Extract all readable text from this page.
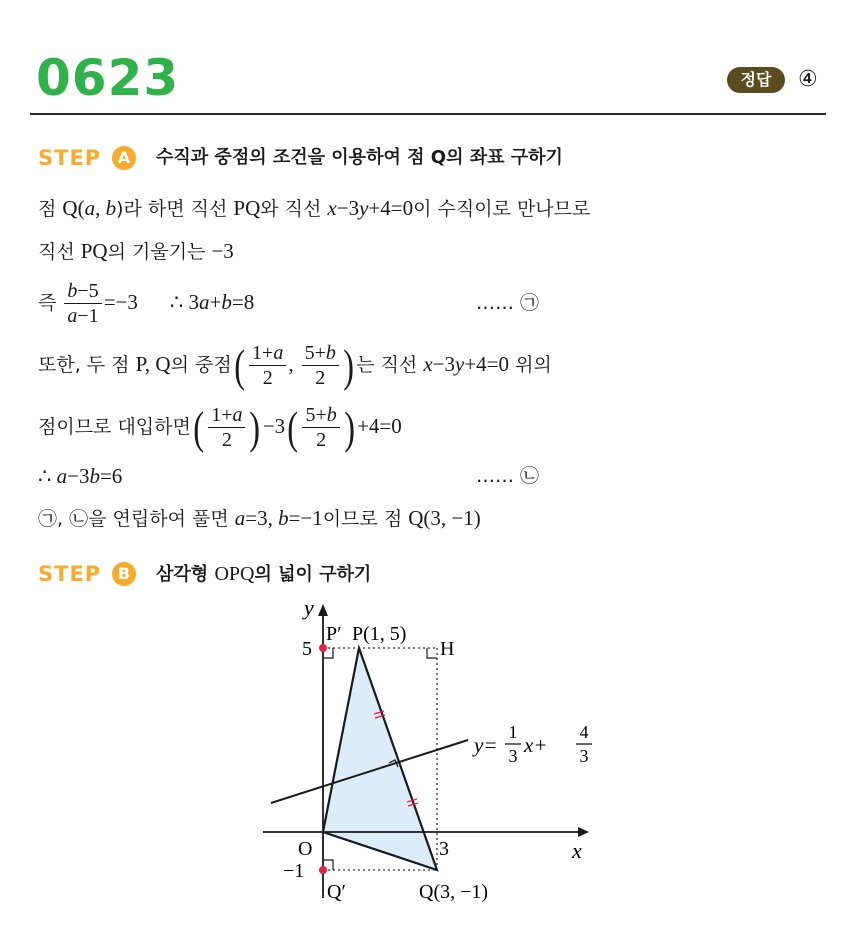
0623	정답	④
STEP	A	수직과 중점의 조건을 이용하여 점 Q의 좌표 구하기
점 Q(a, b)라 하면 직선 PQ와 직선 x−3y+4=0이 수직이로 만나므로
직선 PQ의 기울기는 −3
즉 $\frac{b-5}{a-1} =-3$ ∴ 3a+b=8	…… ㉠
또한, 두 점 P, Q의 중점( $\frac{1+a}{2}$ , $\frac{5+b}{2}$ ) 는 직선 x−3y+4=0 위의
점이므로 대입하면( $\frac{1+a}{2}$ ) $-3( \frac{5+b}{2}$ ) +4=0
∴ a−3b=6	…… ㉡
㉠, ㉡을 연립하여 풀면 a=3, b=−1이므로 점 Q(3, −1)
STEP	B	삼각형 OPQ의 넓이 구하기
y
x
O
P′ P(1, 5)
H
5
3
−1
Q′	Q(3, −1)
y=
1
3 x+
4
3
